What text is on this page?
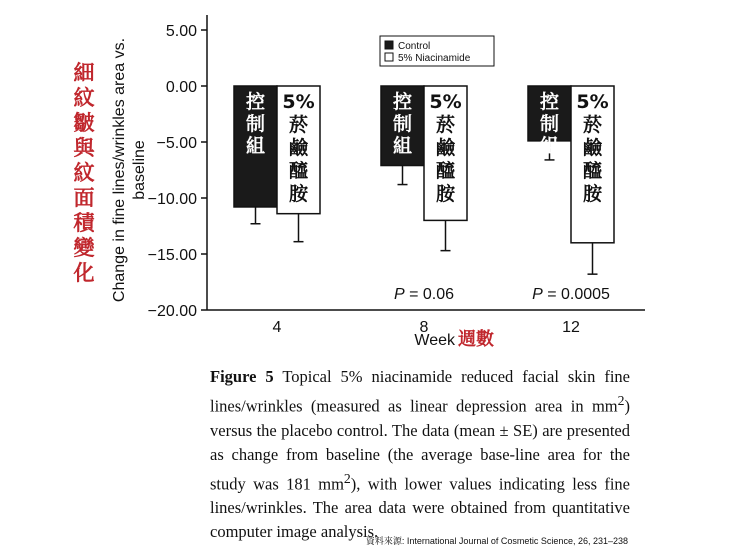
細
紋
皺
與
紋
面
積
變
化 Change in fine lines/wrinkles area vs. baseline
5.00
0.00
−5.00
−10.00
−15.00
−20.00
控
制
組
5%
菸
鹼
醯
胺
控
制
組
5%
菸
鹼
醯
胺
控
制
組
5%
菸
鹼
醯
胺
4	8	12
Control
5% Niacinamide
P = 0.06	P = 0.0005
Week 週數

Figure 5 Topical 5% niacinamide reduced facial skin fine lines/wrinkles (measured as linear depression area in $mm^2$) versus the placebo control. The data (mean ± SE) are presented as change from baseline (the average base-line area for the study was 181 $mm^2$), with lower values indicating less fine lines/wrinkles. The area data were obtained from quantitative computer image analysis.

資料來源: International Journal of Cosmetic Science, 26, 231–238
